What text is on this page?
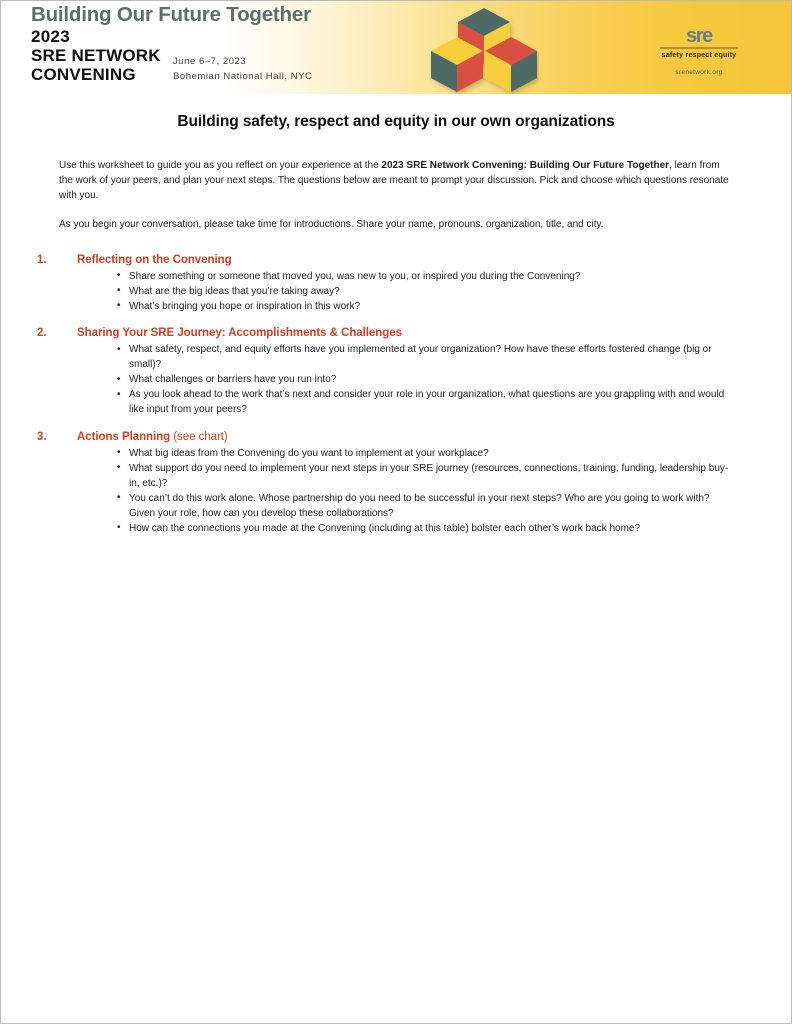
Building Our Future Together
2023
SRE NETWORK
CONVENING
June 6–7, 2023
Bohemian National Hall, NYC
sre
safety respect equity
srenetwork.org
Building safety, respect and equity in our own organizations

Use this worksheet to guide you as you reflect on your experience at the 2023 SRE Network Convening: Building Our Future Together, learn from the work of your peers, and plan your next steps. The questions below are meant to prompt your discussion. Pick and choose which questions resonate with you.

As you begin your conversation, please take time for introductions. Share your name, pronouns, organization, title, and city.

1.	Reflecting on the Convening
• Share something or someone that moved you, was new to you, or inspired you during the Convening?
• What are the big ideas that you’re taking away?
• What’s bringing you hope or inspiration in this work?
2.	Sharing Your SRE Journey: Accomplishments & Challenges
• What safety, respect, and equity efforts have you implemented at your organization? How have these efforts fostered change (big or small)?
• What challenges or barriers have you run into?
• As you look ahead to the work that’s next and consider your role in your organization, what questions are you grappling with and would like input from your peers?
3.	Actions Planning (see chart)
• What big ideas from the Convening do you want to implement at your workplace?
• What support do you need to implement your next steps in your SRE journey (resources, connections, training, funding, leadership buy-in, etc.)?
• You can’t do this work alone. Whose partnership do you need to be successful in your next steps? Who are you going to work with? Given your role, how can you develop these collaborations?
• How can the connections you made at the Convening (including at this table) bolster each other’s work back home?
